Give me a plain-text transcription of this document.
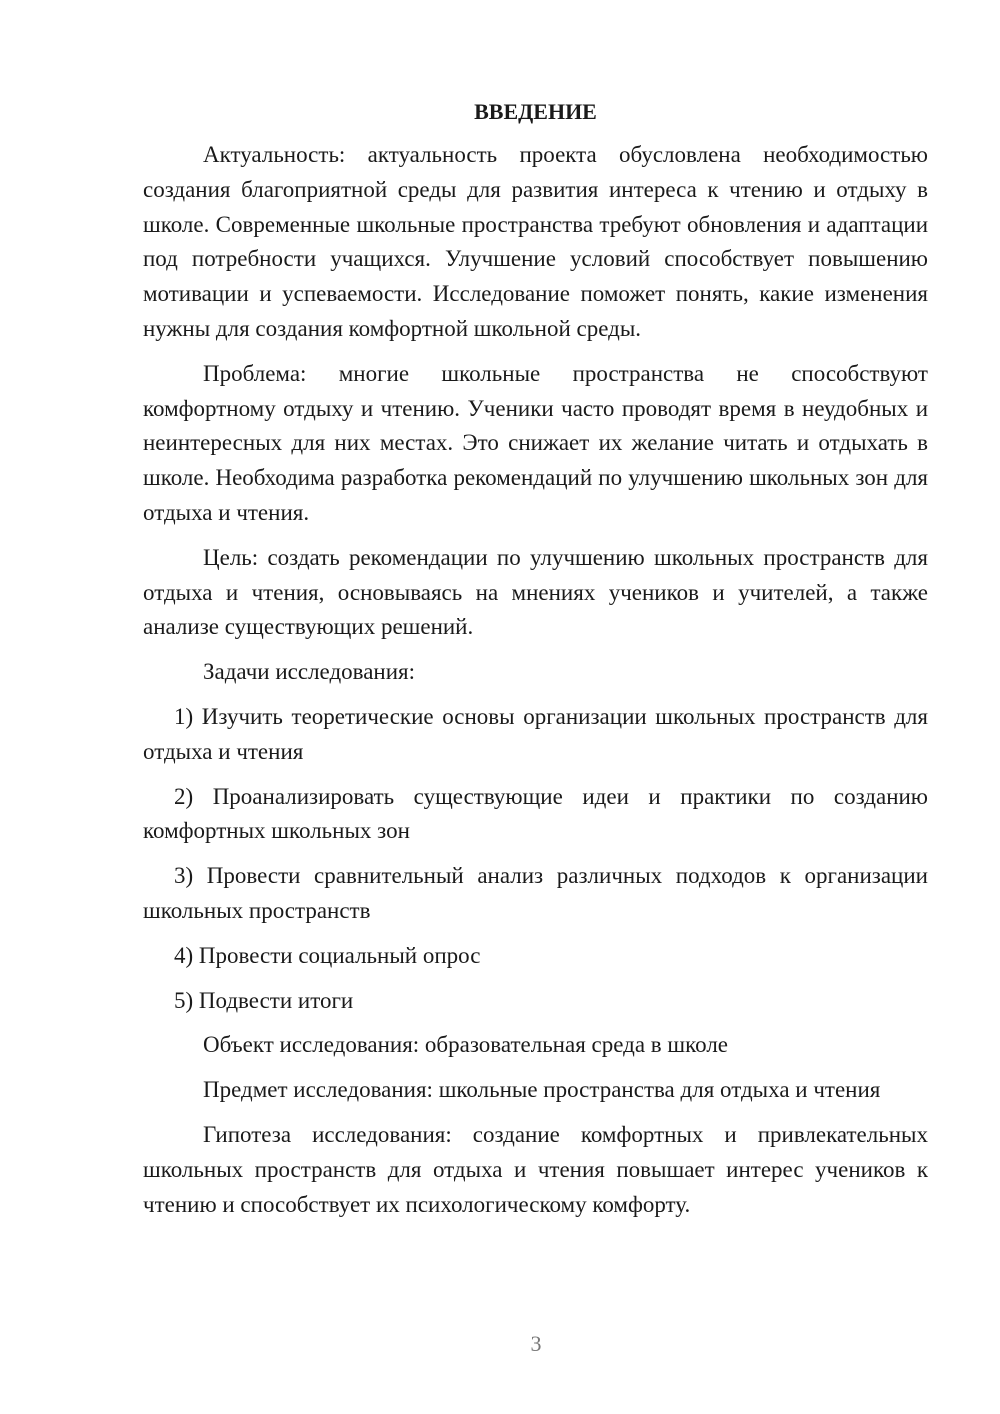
ВВЕДЕНИЕ

Актуальность: актуальность проекта обусловлена необходимостью создания благоприятной среды для развития интереса к чтению и отдыху в школе. Современные школьные пространства требуют обновления и адаптации под потребности учащихся. Улучшение условий способствует повышению мотивации и успеваемости. Исследование поможет понять, какие изменения нужны для создания комфортной школьной среды.

Проблема: многие школьные пространства не способствуют комфортному отдыху и чтению. Ученики часто проводят время в неудобных и неинтересных для них местах. Это снижает их желание читать и отдыхать в школе. Необходима разработка рекомендаций по улучшению школьных зон для отдыха и чтения.

Цель: создать рекомендации по улучшению школьных пространств для отдыха и чтения, основываясь на мнениях учеников и учителей, а также анализе существующих решений.

Задачи исследования:

1) Изучить теоретические основы организации школьных пространств для отдыха и чтения

2) Проанализировать существующие идеи и практики по созданию комфортных школьных зон

3) Провести сравнительный анализ различных подходов к организации школьных пространств

4) Провести социальный опрос

5) Подвести итоги

Объект исследования: образовательная среда в школе

Предмет исследования: школьные пространства для отдыха и чтения

Гипотеза исследования: создание комфортных и привлекательных школьных пространств для отдыха и чтения повышает интерес учеников к чтению и способствует их психологическому комфорту.

3
